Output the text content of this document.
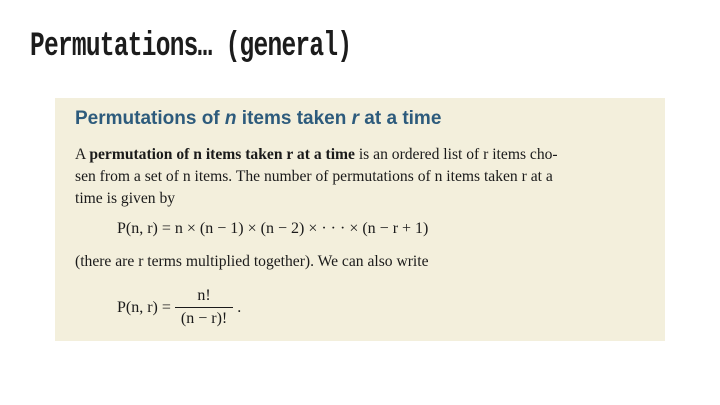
Permutations… (general)
Permutations of n items taken r at a time
A permutation of n items taken r at a time is an ordered list of r items cho-
sen from a set of n items. The number of permutations of n items taken r at a
time is given by
P(n, r) = n × (n − 1) × (n − 2) × · · · × (n − r + 1)
(there are r terms multiplied together). We can also write
P(n, $r) = \frac{n!}{(n - r)!}$ .
